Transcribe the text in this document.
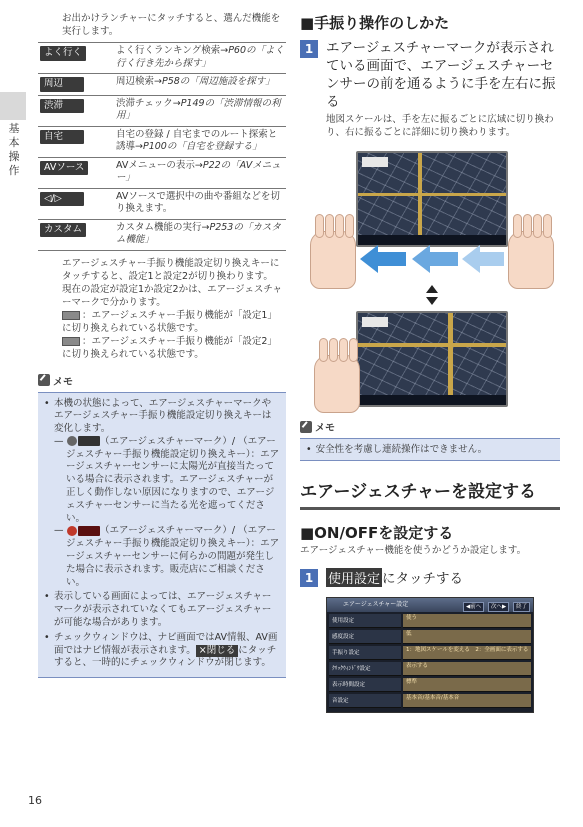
基
本
操
作

お出かけランチャーにタッチすると、選んだ機能を実行します。

よく行く	よく行くランキング検索→P60の「よく行く行き先から探す」
周辺	周辺検索→P58の「周辺施設を探す」
渋滞	渋滞チェック→P149の「渋滞情報の利用」
自宅	自宅の登録 / 自宅までのルート探索と誘導→P100の「自宅を登録する」
AVソース	AVメニューの表示→P22の「AVメニュー」
◁/▷	AVソースで選択中の曲や番組などを切り換えます。
カスタム	カスタム機能の実行→P253の「カスタム機能」

エアージェスチャー手振り機能設定切り換えキーにタッチすると、設定1と設定2が切り換わります。

現在の設定が設定1か設定2かは、エアージェスチャーマークで分かります。

：エアージェスチャー手振り機能が「設定1」に切り換えられている状態です。

：エアージェスチャー手振り機能が「設定2」に切り換えられている状態です。

メモ
• 本機の状態によって、エアージェスチャーマークやエアージェスチャー手振り機能設定切り換えキーは変化します。
—	（エアージェスチャーマーク）/ （エアージェスチャー手振り機能設定切り換えキー）：エアージェスチャーセンサーに太陽光が直接当たっている場合に表示されます。エアージェスチャーが正しく動作しない原因になりますので、エアージェスチャーセンサーに当たる光を遮ってください。
—	（エアージェスチャーマーク）/ （エアージェスチャー手振り機能設定切り換えキー）：エアージェスチャーセンサーに何らかの問題が発生した場合に表示されます。販売店にご相談ください。
• 表示している画面によっては、エアージェスチャーマークが表示されていなくてもエアージェスチャーが可能な場合があります。
• チェックウィンドウは、ナビ画面ではAV情報、AV画面ではナビ情報が表示されます。 ×閉じる にタッチすると、一時的にチェックウィンドウが閉じます。
16
■手振り操作のしかた
1 エアージェスチャーマークが表示されている画面で、エアージェスチャーセンサーの前を通るように手を左右に振る

地図スケールは、手を左に振るごとに広域に切り換わり、右に振るごとに詳細に切り換わります。

メモ
• 安全性を考慮し連続操作はできません。
エアージェスチャーを設定する
■ON/OFFを設定する

エアージェスチャー機能を使うかどうか設定します。

1	使用設定 にタッチする
エアージェスチャー設定	◀前へ 次へ▶ 終了
使用設定	使う
感度設定	低
手振り設定	1：地図スケールを変える　2：全画面に表示する
ｸﾘｯｸｳｨﾝﾄﾞｳ設定	表示する
表示時間設定	標準
音設定	基本音/基本音/基本音
